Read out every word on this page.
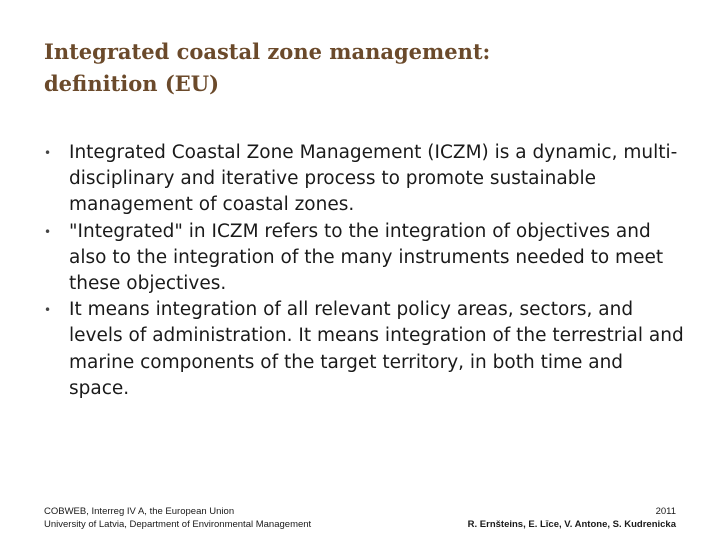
Integrated coastal zone management:
definition (EU)
• Integrated Coastal Zone Management (ICZM) is a dynamic, multi-disciplinary and iterative process to promote sustainable management of coastal zones.
• "Integrated" in ICZM refers to the integration of objectives and also to the integration of the many instruments needed to meet these objectives.
• It means integration of all relevant policy areas, sectors, and levels of administration. It means integration of the terrestrial and marine components of the target territory, in both time and space.
COBWEB, Interreg IV A, the European Union
University of Latvia, Department of Environmental Management
2011
R. Ernšteins, E. Līce, V. Antone, S. Kudrenicka
